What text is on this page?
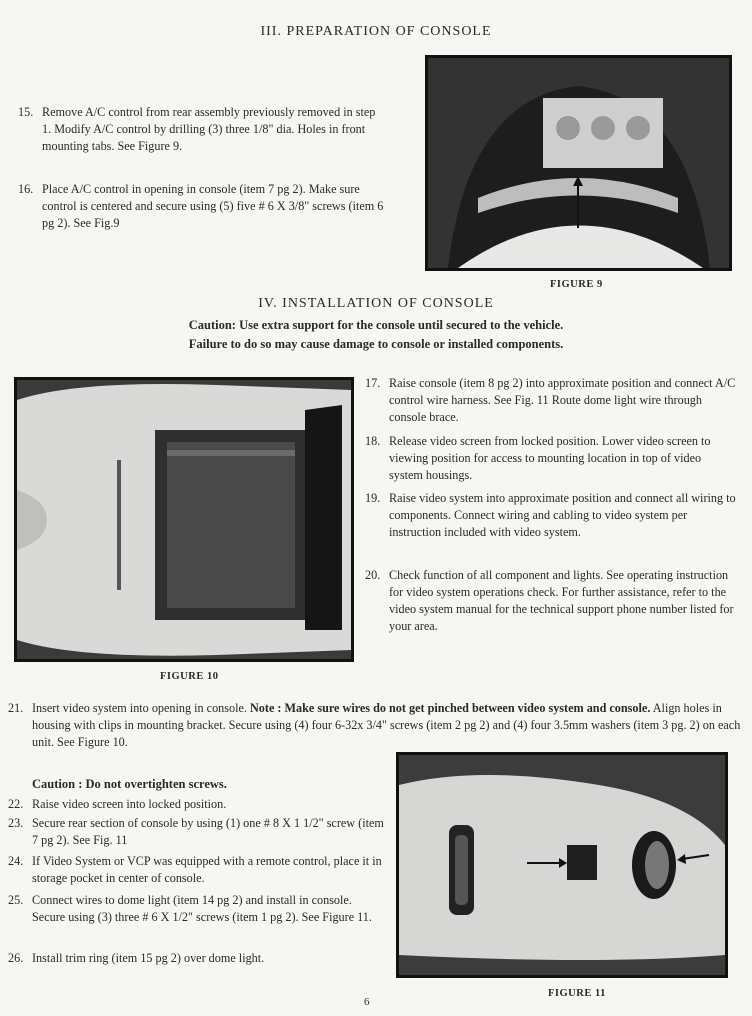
III. PREPARATION OF CONSOLE
15. Remove A/C control from rear assembly previously removed in step 1. Modify A/C control by drilling (3) three 1/8" dia. Holes in front mounting tabs. See Figure 9.
16. Place A/C control in opening in console (item 7 pg 2). Make sure control is centered and secure using (5) five # 6 X 3/8" screws (item 6 pg 2). See Fig.9
FIGURE 9
IV. INSTALLATION OF CONSOLE
Caution: Use extra support for the console until secured to the vehicle.
Failure to do so may cause damage to console or installed components.
FIGURE 10
17. Raise console (item 8 pg 2) into approximate position and connect A/C control wire harness. See Fig. 11 Route dome light wire through console brace.
18. Release video screen from locked position. Lower video screen to viewing position for access to mounting location in top of video system housings.
19. Raise video system into approximate position and connect all wiring to components. Connect wiring and cabling to video system per instruction included with video system.
20. Check function of all component and lights. See operating instruction for video system operations check. For further assistance, refer to the video system manual for the technical support phone number listed for your area.
21. Insert video system into opening in console. Note : Make sure wires do not get pinched between video system and console. Align holes in housing with clips in mounting bracket. Secure using (4) four 6-32x 3/4" screws (item 2 pg 2) and (4) four 3.5mm washers (item 3 pg. 2) on each unit. See Figure 10.
Caution : Do not overtighten screws.
22. Raise video screen into locked position.
23. Secure rear section of console by using (1) one # 8 X 1 1/2" screw (item 7 pg 2). See Fig. 11
24. If Video System or VCP was equipped with a remote control, place it in storage pocket in center of console.
25. Connect wires to dome light (item 14 pg 2) and install in console. Secure using (3) three # 6 X 1/2" screws (item 1 pg 2). See Figure 11.
26. Install trim ring (item 15 pg 2) over dome light.
FIGURE 11
6
